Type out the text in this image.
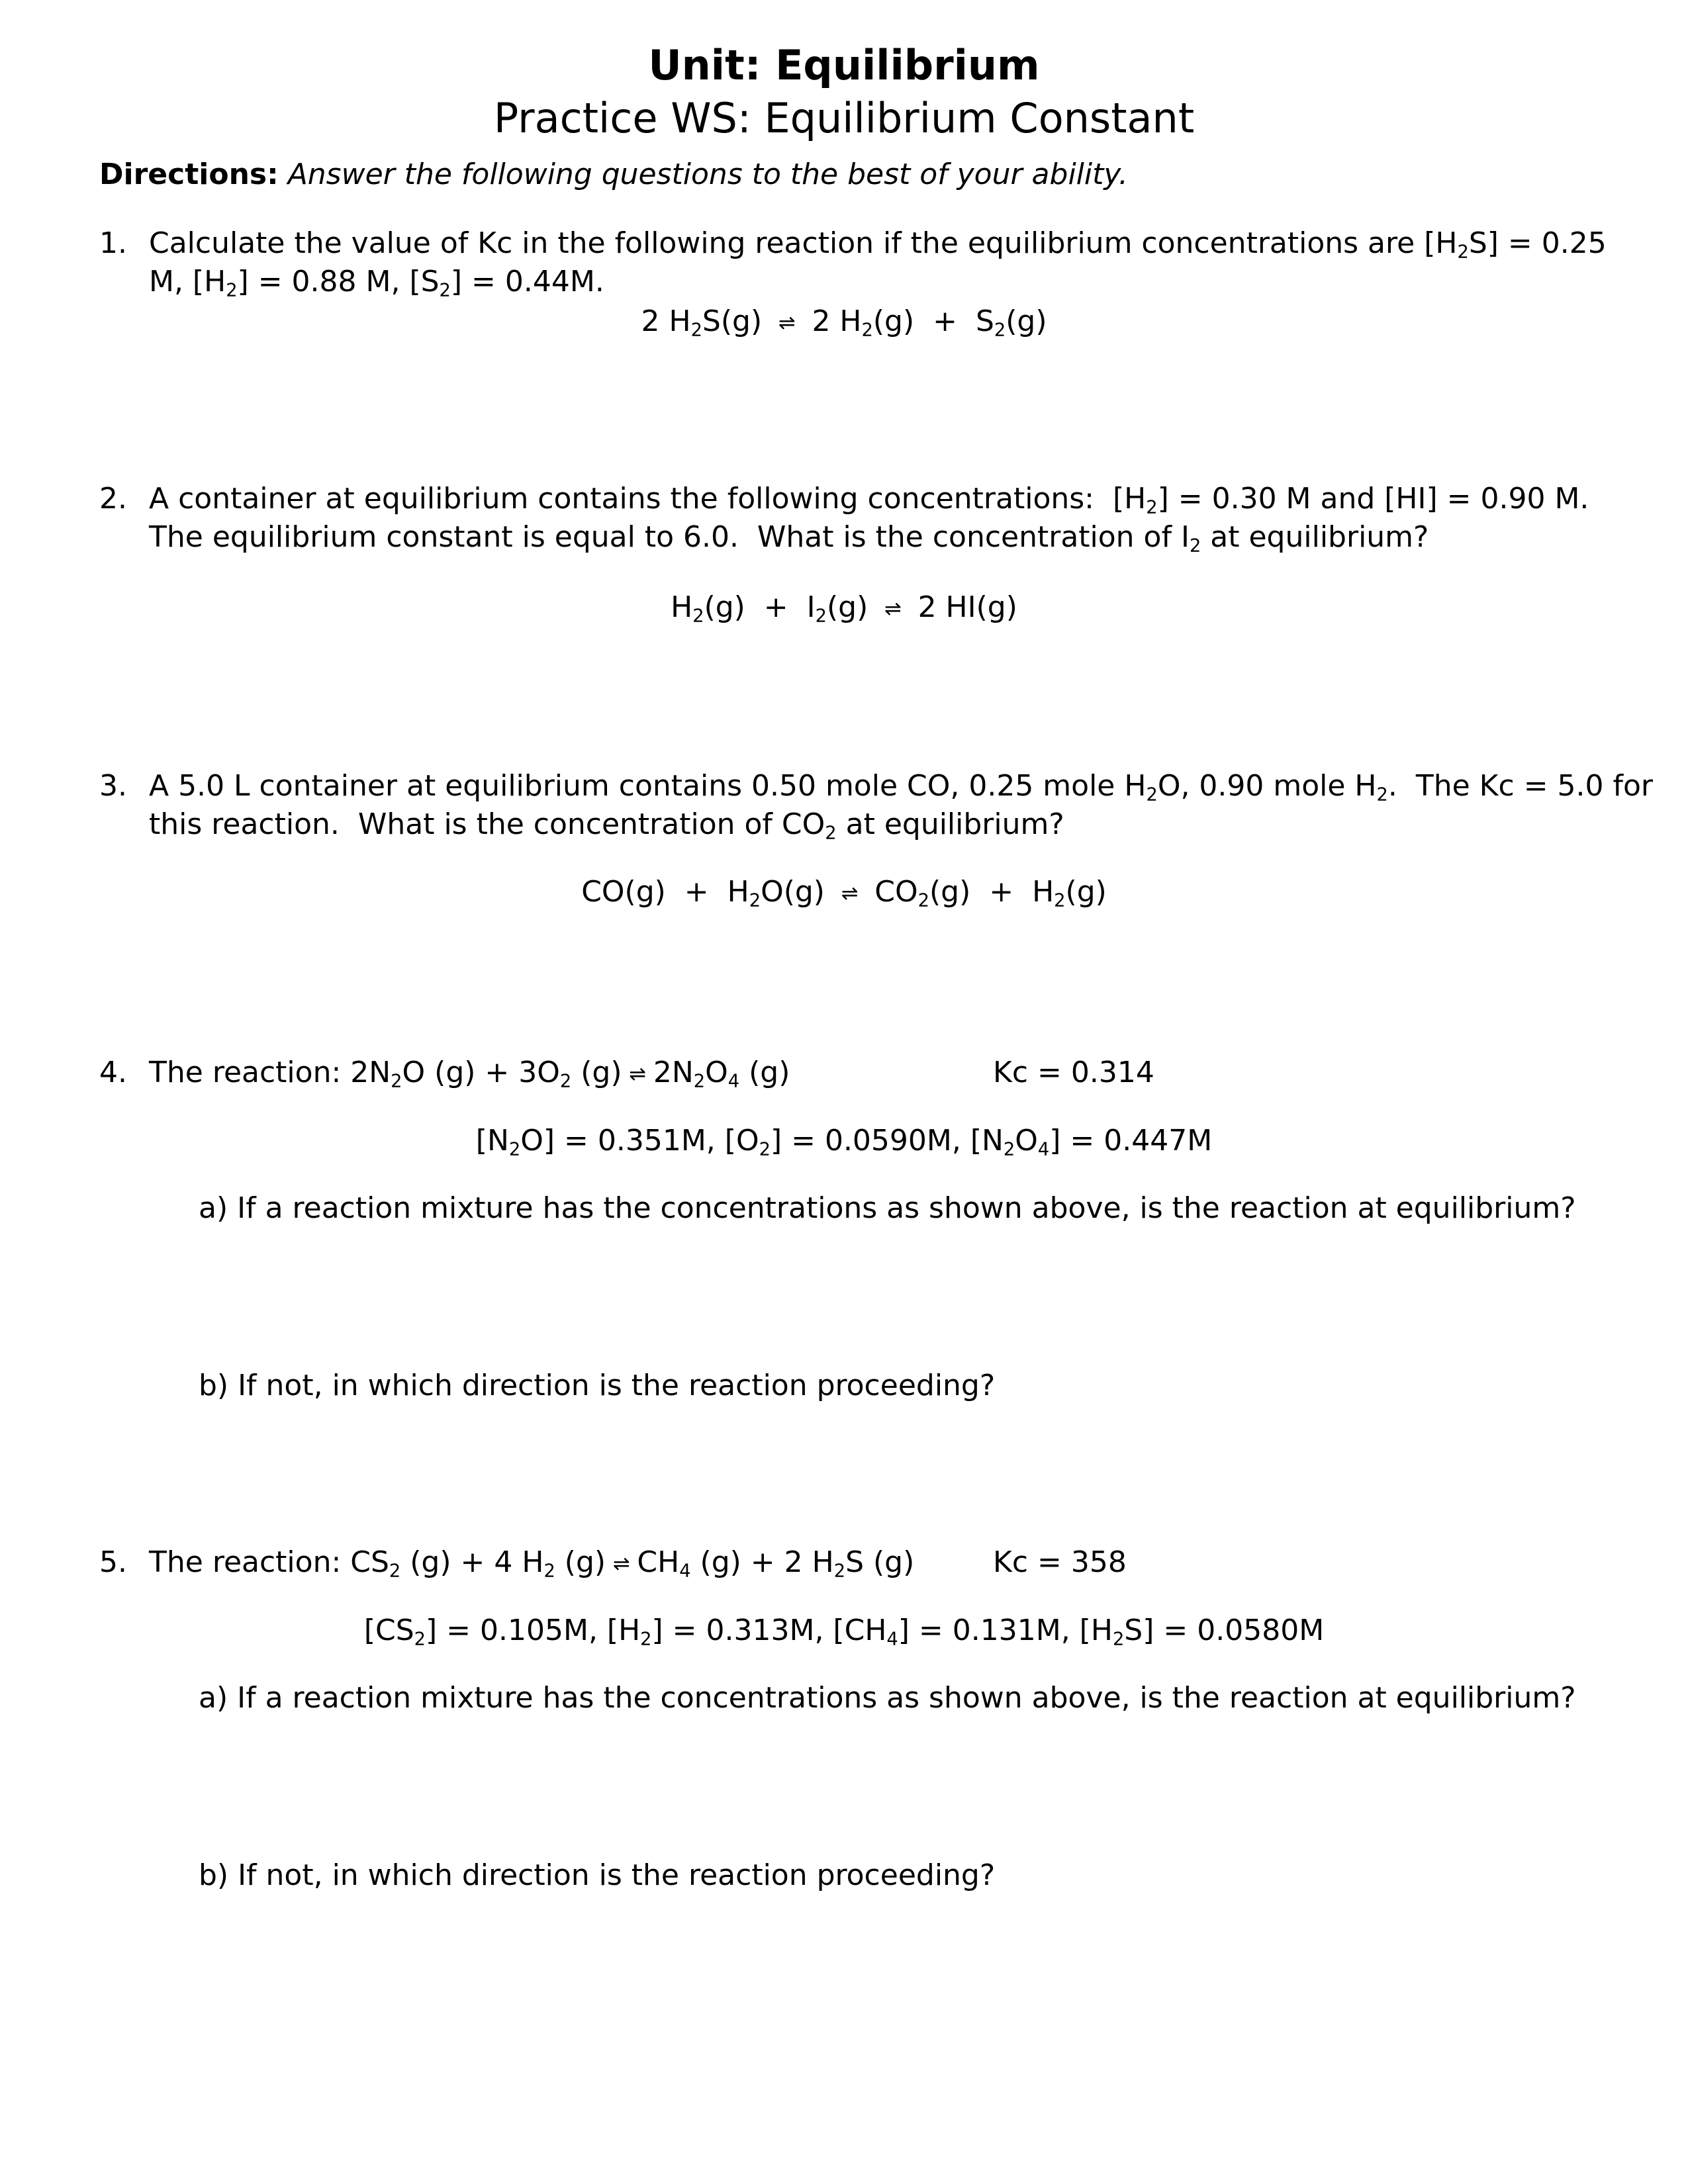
Unit: Equilibrium
Practice WS: Equilibrium Constant
Directions: Answer the following questions to the best of your ability.
1. Calculate the value of Kc in the following reaction if the equilibrium concentrations are $[H_2S] = 0.25$
M, $[H_2] = 0.88$ M, $[S_2] = 0.44M$.
2 $H_2S(g)$ ⇌ 2 $H_2(g) + S_2(g)$
2. A container at equilibrium contains the following concentrations:  $[H_2] = 0.30$ M and [HI] = 0.90 M.
The equilibrium constant is equal to 6.0.  What is the concentration of $I_2$ at equilibrium?
$H_2(g) + I_2(g)$ ⇌ 2 HI(g)
3. A 5.0 L container at equilibrium contains 0.50 mole CO, 0.25 mole $H_2O$, 0.90 mole $H_2$.  The Kc = 5.0 for
this reaction.  What is the concentration of $CO_2$ at equilibrium?
$CO(g) + H_2O(g)$ ⇌ $CO_2(g) + H_2(g)$
4. The reaction: $2N_2O$ $(g) + 3O_2$ (g) ⇌ $2N_2O_4$ (g)	Kc = 0.314
$[N_2O] = 0.351M$, $[O_2] = 0.0590M$, $[N_2O_4] = 0.447M$
a) If a reaction mixture has the concentrations as shown above, is the reaction at equilibrium?
b) If not, in which direction is the reaction proceeding?
5. The reaction: $CS_2$ (g) + 4 $H_2$ (g) ⇌ $CH_4$ (g) + 2 $H_2S$ (g)	Kc = 358
$[CS_2] = 0.105M$, $[H_2] = 0.313M$, $[CH_4] = 0.131M$, $[H_2S] = 0.0580M$
a) If a reaction mixture has the concentrations as shown above, is the reaction at equilibrium?
b) If not, in which direction is the reaction proceeding?
